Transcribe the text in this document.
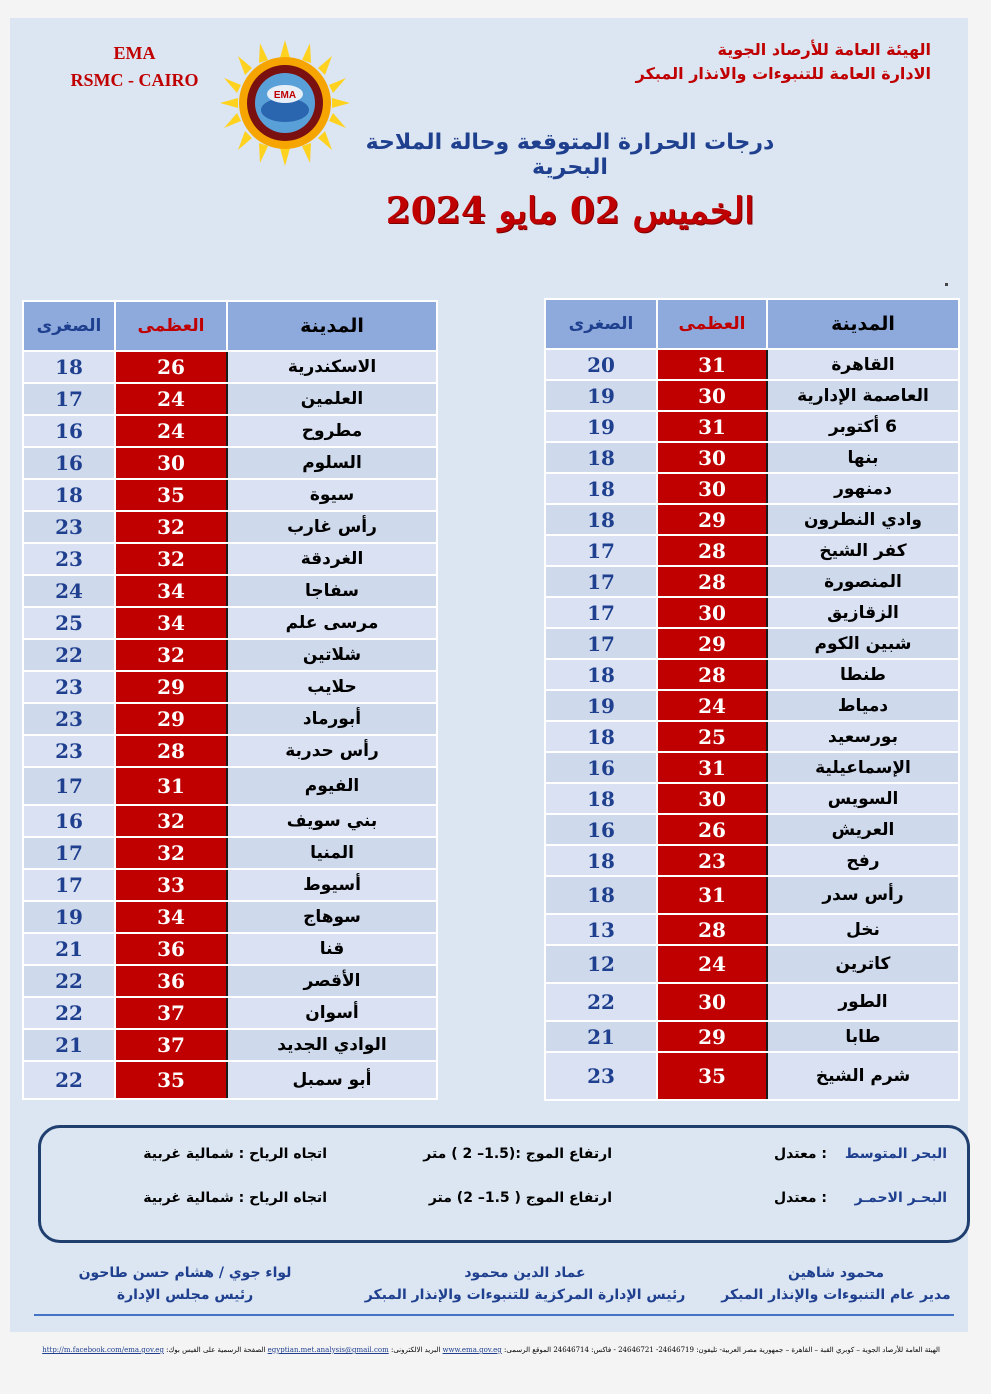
الهيئة العامة للأرصاد الجوية
الادارة العامة للتنبوءات والانذار المبكر
EMA
RSMC - CAIRO
EMA
درجات الحرارة المتوقعة وحالة الملاحة البحرية
الخميس 02 مايو 2024
الصغرى	العظمى	المدينة
18	26	الاسكندرية
17	24	العلمين
16	24	مطروح
16	30	السلوم
18	35	سيوة
23	32	رأس غارب
23	32	الغردقة
24	34	سفاجا
25	34	مرسى علم
22	32	شلاتين
23	29	حلايب
23	29	أبورماد
23	28	رأس حدربة
17	31	الفيوم
16	32	بني سويف
17	32	المنيا
17	33	أسيوط
19	34	سوهاج
21	36	قنا
22	36	الأقصر
22	37	أسوان
21	37	الوادي الجديد
22	35	أبو سمبل
الصغرى	العظمى	المدينة
20	31	القاهرة
19	30	العاصمة الإدارية
19	31	6 أكتوبر
18	30	بنها
18	30	دمنهور
18	29	وادي النطرون
17	28	كفر الشيخ
17	28	المنصورة
17	30	الزقازيق
17	29	شبين الكوم
18	28	طنطا
19	24	دمياط
18	25	بورسعيد
16	31	الإسماعيلية
18	30	السويس
16	26	العريش
18	23	رفح
18	31	رأس سدر
13	28	نخل
12	24	كاترين
22	30	الطور
21	29	طابا
23	35	شرم الشيخ
البحر المتوسط
: معتدل
ارتفاع الموج :(1.5– 2 ) متر
اتجاه الرياح : شمالية غربية
البحـر الاحمـر
: معتدل
ارتفاع الموج ( 1.5– 2) متر
اتجاه الرياح : شمالية غربية
محمود شاهين
مدير عام التنبوءات والإنذار المبكر
عماد الدين محمود
رئيس الإدارة المركزية للتنبوءات والإنذار المبكر
لواء جوي / هشام حسن طاحون
رئيس مجلس الإدارة
الهيئة العامة للأرصاد الجوية – كوبري القبة – القاهرة – جمهورية مصر العربية- تليفون: 24646719- 24646721 - فاكس: 24646714 الموقع الرسمى: www.ema.gov.eg البريد الالكترونى: egyptian.met.analysis@gmail.com الصفحة الرسمية على الفيس بوك: http://m.facebook.com/ema.gov.eg
